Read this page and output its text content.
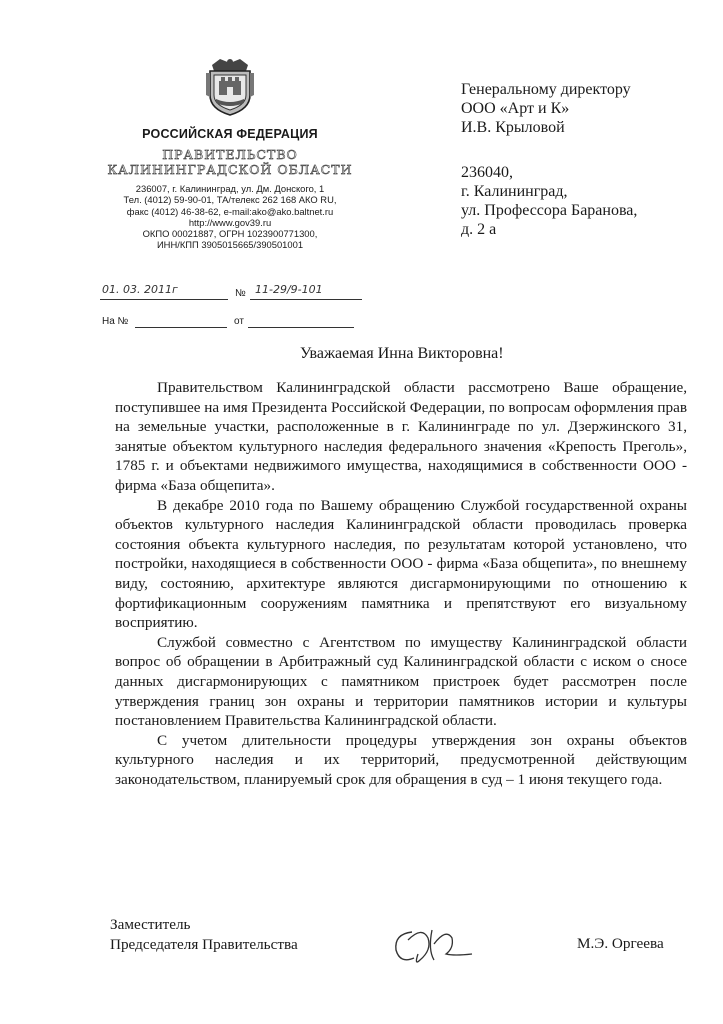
РОССИЙСКАЯ ФЕДЕРАЦИЯ
ПРАВИТЕЛЬСТВО
КАЛИНИНГРАДСКОЙ ОБЛАСТИ
236007, г. Калининград, ул. Дм. Донского, 1
Тел. (4012) 59-90-01, ТА/телекс 262 168 АКО RU,
факс (4012) 46-38-62, e-mail:ako@ako.baltnet.ru
http://www.gov39.ru
ОКПО 00021887, ОГРН 1023900771300,
ИНН/КПП 3905015665/390501001
01. 03. 2011г	№ 11-29/9-101
На №	от
Генеральному директору
ООО «Арт и К»
И.В. Крыловой
236040,
г. Калининград,
ул. Профессора Баранова,
д. 2 а
Уважаемая Инна Викторовна!

Правительством Калининградской области рассмотрено Ваше обращение, поступившее на имя Президента Российской Федерации, по вопросам оформления прав на земельные участки, расположенные в г. Калининграде по ул. Дзержинского 31, занятые объектом культурного наследия федерального значения «Крепость Преголь», 1785 г. и объектами недвижимого имущества, находящимися в собственности ООО - фирма «База общепита».

В декабре 2010 года по Вашему обращению Службой государственной охраны объектов культурного наследия Калининградской области проводилась проверка состояния объекта культурного наследия, по результатам которой установлено, что постройки, находящиеся в собственности ООО - фирма «База общепита», по внешнему виду, состоянию, архитектуре являются дисгармонирующими по отношению к фортификационным сооружениям памятника и препятствуют его визуальному восприятию.

Службой совместно с Агентством по имуществу Калининградской области вопрос об обращении в Арбитражный суд Калининградской области с иском о сносе данных дисгармонирующих с памятником пристроек будет рассмотрен после утверждения границ зон охраны и территории памятников истории и культуры постановлением Правительства Калининградской области.

С учетом длительности процедуры утверждения зон охраны объектов культурного наследия и их территорий, предусмотренной действующим законодательством, планируемый срок для обращения в суд – 1 июня текущего года.

Заместитель
Председателя Правительства	М.Э. Оргеева
